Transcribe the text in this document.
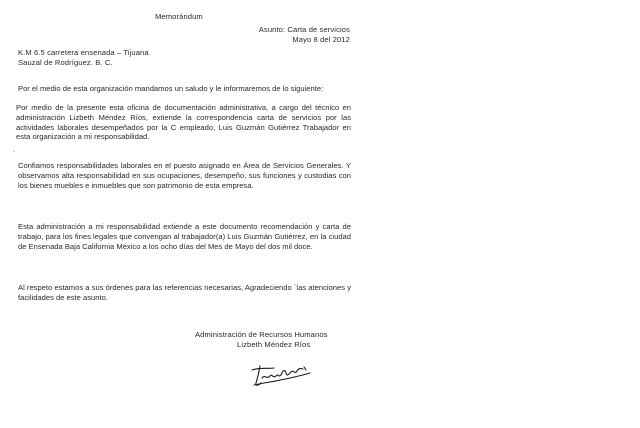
Memorándum
Asunto: Carta de servicios
Mayo 8 del 2012
K.M 6.5 carretera ensenada – Tijuana
Sauzal de Rodríguez. B. C.
Por el medio de esta organización mandamos un saludo y le informaremos de lo siguiente:
Por medio de la presente esta oficina de documentación administrativa, a cargo del técnico en administración Lizbeth Méndez Ríos, extiende la correspondencia carta de servicios por las actividades laborales desempeñados por la C empleado, Luis Guzmán Gutiérrez Trabajador en esta organización a mi responsabilidad.
.
Confiamos responsabilidades laborales en el puesto asignado en Área de Servicios Generales. Y observamos alta responsabilidad en sus ocupaciones, desempeño, sus funciones y custodias con los bienes muebles e inmuebles que son patrimonio de esta empresa.
Esta administración a mi responsabilidad extiende a este documento recomendación y carta de trabajo, para los fines legales que convengan al trabajador(a) Luis Guzmán Gutiérrez, en la ciudad de Ensenada Baja California México a los ocho días del Mes de Mayo del dos mil doce.
Al respeto estamos a sus órdenes para las referencias necesarias, Agradeciendo ´las atenciones y facilidades de este asunto.
Administración de Recursos Humanos
Lizbeth Méndez Ríos
